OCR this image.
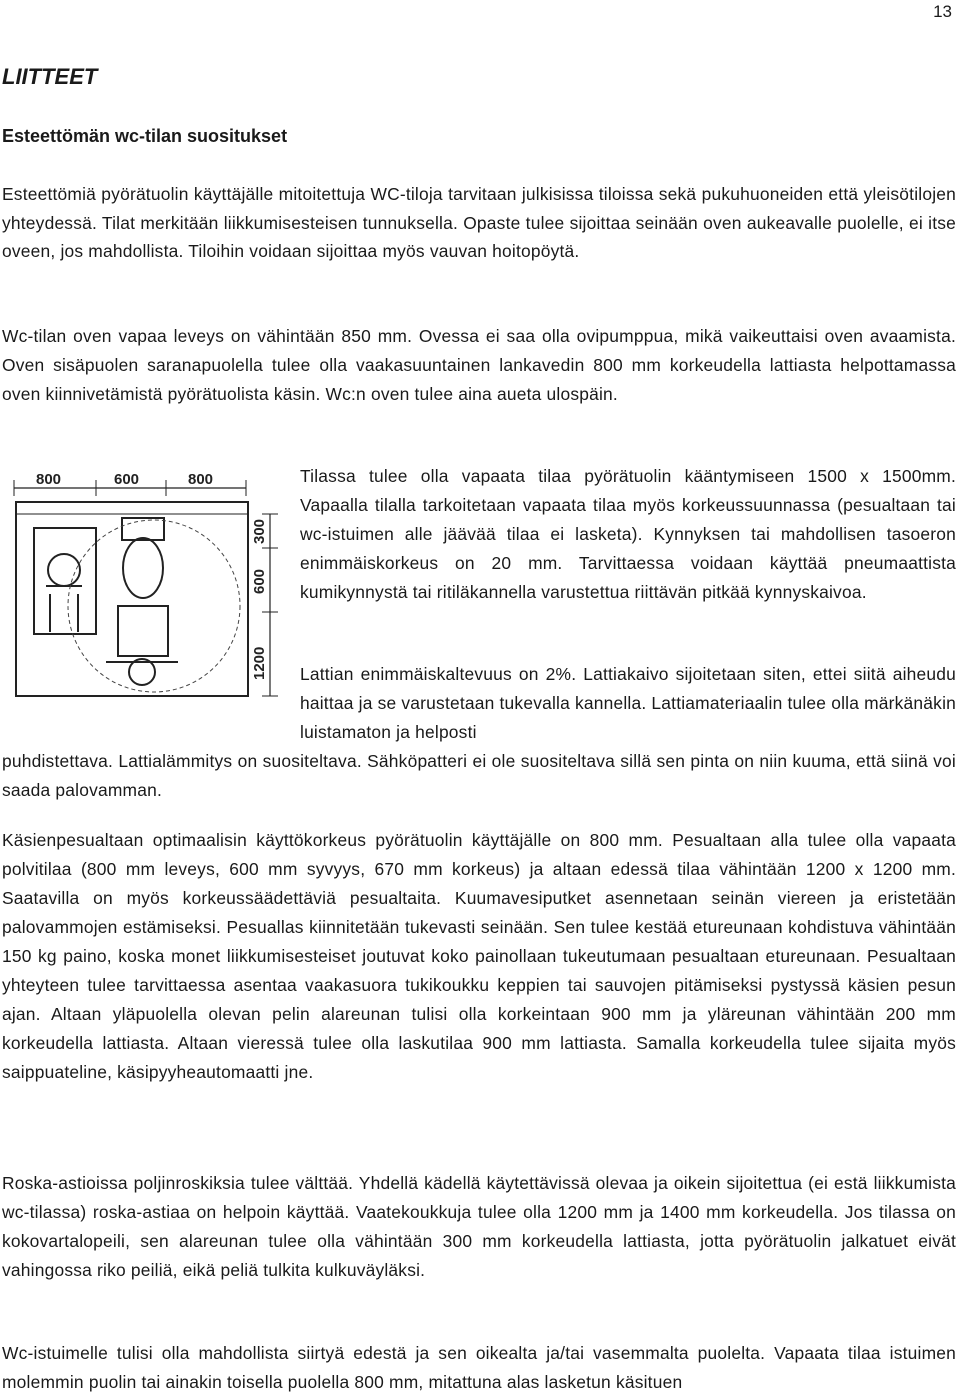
13
LIITTEET
Esteettömän wc-tilan suositukset
Esteettömiä pyörätuolin käyttäjälle mitoitettuja WC-tiloja tarvitaan julkisissa tiloissa sekä pukuhuoneiden että yleisötilojen yhteydessä. Tilat merkitään liikkumisesteisen tunnuksella. Opaste tulee sijoittaa seinään oven aukeavalle puolelle, ei itse oveen, jos mahdollista. Tiloihin voidaan sijoittaa myös vauvan hoitopöytä.
Wc-tilan oven vapaa leveys on vähintään 850 mm. Ovessa ei saa olla ovipumppua, mikä vaikeuttaisi oven avaamista. Oven sisäpuolen saranapuolella tulee olla vaakasuuntainen lankavedin 800 mm korkeudella lattiasta helpottamassa oven kiinnivetämistä pyörätuolista käsin. Wc:n oven tulee aina aueta ulospäin.
800	600	800
300
600
1200
Tilassa tulee olla vapaata tilaa pyörätuolin kääntymiseen 1500 x 1500mm. Vapaalla tilalla tarkoitetaan vapaata tilaa myös korkeussuunnassa (pesualtaan tai wc-istuimen alle jäävää tilaa ei lasketa). Kynnyksen tai mahdollisen tasoeron enimmäiskorkeus on 20 mm. Tarvittaessa voidaan käyttää pneumaattista kumikynnystä tai ritiläkannella varustettua riittävän pitkää kynnyskaivoa.
Lattian enimmäiskaltevuus on 2%. Lattiakaivo sijoitetaan siten, ettei siitä aiheudu haittaa ja se varustetaan tukevalla kannella. Lattiamateriaalin tulee olla märkänäkin luistamaton ja helposti
puhdistettava. Lattialämmitys on suositeltava. Sähköpatteri ei ole suositeltava sillä sen pinta on niin kuuma, että siinä voi saada palovamman.
Käsienpesualtaan optimaalisin käyttökorkeus pyörätuolin käyttäjälle on 800 mm. Pesualtaan alla tulee olla vapaata polvitilaa (800 mm leveys, 600 mm syvyys, 670 mm korkeus) ja altaan edessä tilaa vähintään 1200 x 1200 mm. Saatavilla on myös korkeussäädettäviä pesualtaita. Kuumavesiputket asennetaan seinän viereen ja eristetään palovammojen estämiseksi. Pesuallas kiinnitetään tukevasti seinään. Sen tulee kestää etureunaan kohdistuva vähintään 150 kg paino, koska monet liikkumisesteiset joutuvat koko painollaan tukeutumaan pesualtaan etureunaan. Pesualtaan yhteyteen tulee tarvittaessa asentaa vaakasuora tukikoukku keppien tai sauvojen pitämiseksi pystyssä käsien pesun ajan. Altaan yläpuolella olevan pelin alareunan tulisi olla korkeintaan 900 mm ja yläreunan vähintään 200 mm korkeudella lattiasta. Altaan vieressä tulee olla laskutilaa 900 mm lattiasta. Samalla korkeudella tulee sijaita myös saippuateline, käsipyyheautomaatti jne.
Roska-astioissa poljinroskiksia tulee välttää. Yhdellä kädellä käytettävissä olevaa ja oikein sijoitettua (ei estä liikkumista wc-tilassa) roska-astiaa on helpoin käyttää. Vaatekoukkuja tulee olla 1200 mm ja 1400 mm korkeudella. Jos tilassa on kokovartalopeili, sen alareunan tulee olla vähintään 300 mm korkeudella lattiasta, jotta pyörätuolin jalkatuet eivät vahingossa riko peiliä, eikä peliä tulkita kulkuväyläksi.
Wc-istuimelle tulisi olla mahdollista siirtyä edestä ja sen oikealta ja/tai vasemmalta puolelta. Vapaata tilaa istuimen molemmin puolin tai ainakin toisella puolella 800 mm, mitattuna alas lasketun käsituen
